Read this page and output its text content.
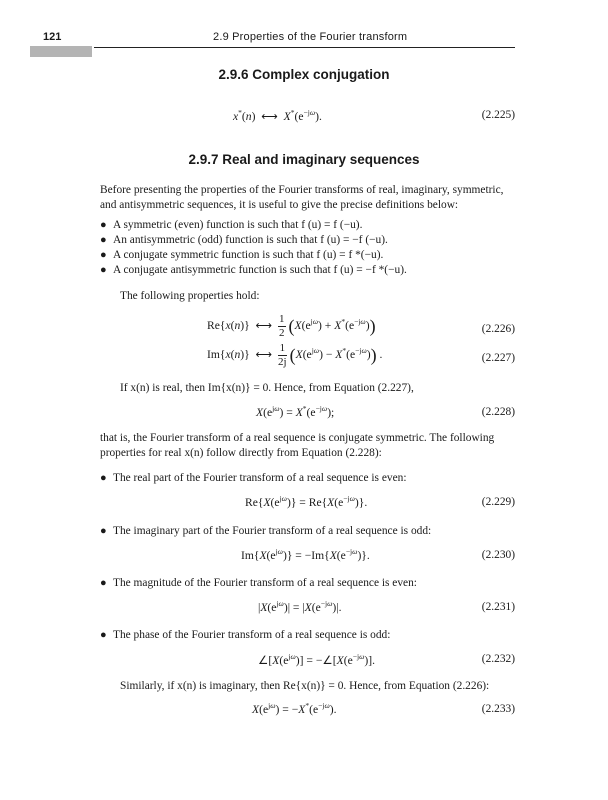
121	2.9 Properties of the Fourier transform
2.9.6 Complex conjugation
x*(n)  ⟷  $X^*(e^{-j\omega})$.	(2.225)
2.9.7 Real and imaginary sequences
Before presenting the properties of the Fourier transforms of real, imaginary, symmetric,
and antisymmetric sequences, it is useful to give the precise definitions below:
● A symmetric (even) function is such that f (u) = f (−u).
● An antisymmetric (odd) function is such that f (u) = −f (−u).
● A conjugate symmetric function is such that f (u) = f *(−u).
● A conjugate antisymmetric function is such that f (u) = −f *(−u).
The following properties hold:
Re{x(n)}  ⟷ $\frac{1}{2} (X(e^{j\omega}) + X^*(e^{-j\omega}))$	(2.226)
Im{x(n)}  ⟷ $\frac{1}{2j} (X(e^{j\omega}) - X^*(e^{-j\omega}))$ .	(2.227)
If x(n) is real, then Im{x(n)} = 0. Hence, from Equation (2.227),
$X(e^{j\omega}) = X^*(e^{-j\omega})$;	(2.228)
that is, the Fourier transform of a real sequence is conjugate symmetric. The following
properties for real x(n) follow directly from Equation (2.228):
● The real part of the Fourier transform of a real sequence is even:
$Re\{X(e^{j\omega})\} = Re\{X(e^{-j\omega})\}$.	(2.229)
● The imaginary part of the Fourier transform of a real sequence is odd:
$Im\{X(e^{j\omega})\} = -Im\{X(e^{-j\omega})\}$.	(2.230)
● The magnitude of the Fourier transform of a real sequence is even:
$|X(e^{j\omega})| = |X(e^{-j\omega})|$.	(2.231)
● The phase of the Fourier transform of a real sequence is odd:
$\angle[X(e^{j\omega})]$ = $-\angle[X(e^{-j\omega})]$.	(2.232)
Similarly, if x(n) is imaginary, then Re{x(n)} = 0. Hence, from Equation (2.226):
$X(e^{j\omega}) = -X^*(e^{-j\omega})$.	(2.233)
